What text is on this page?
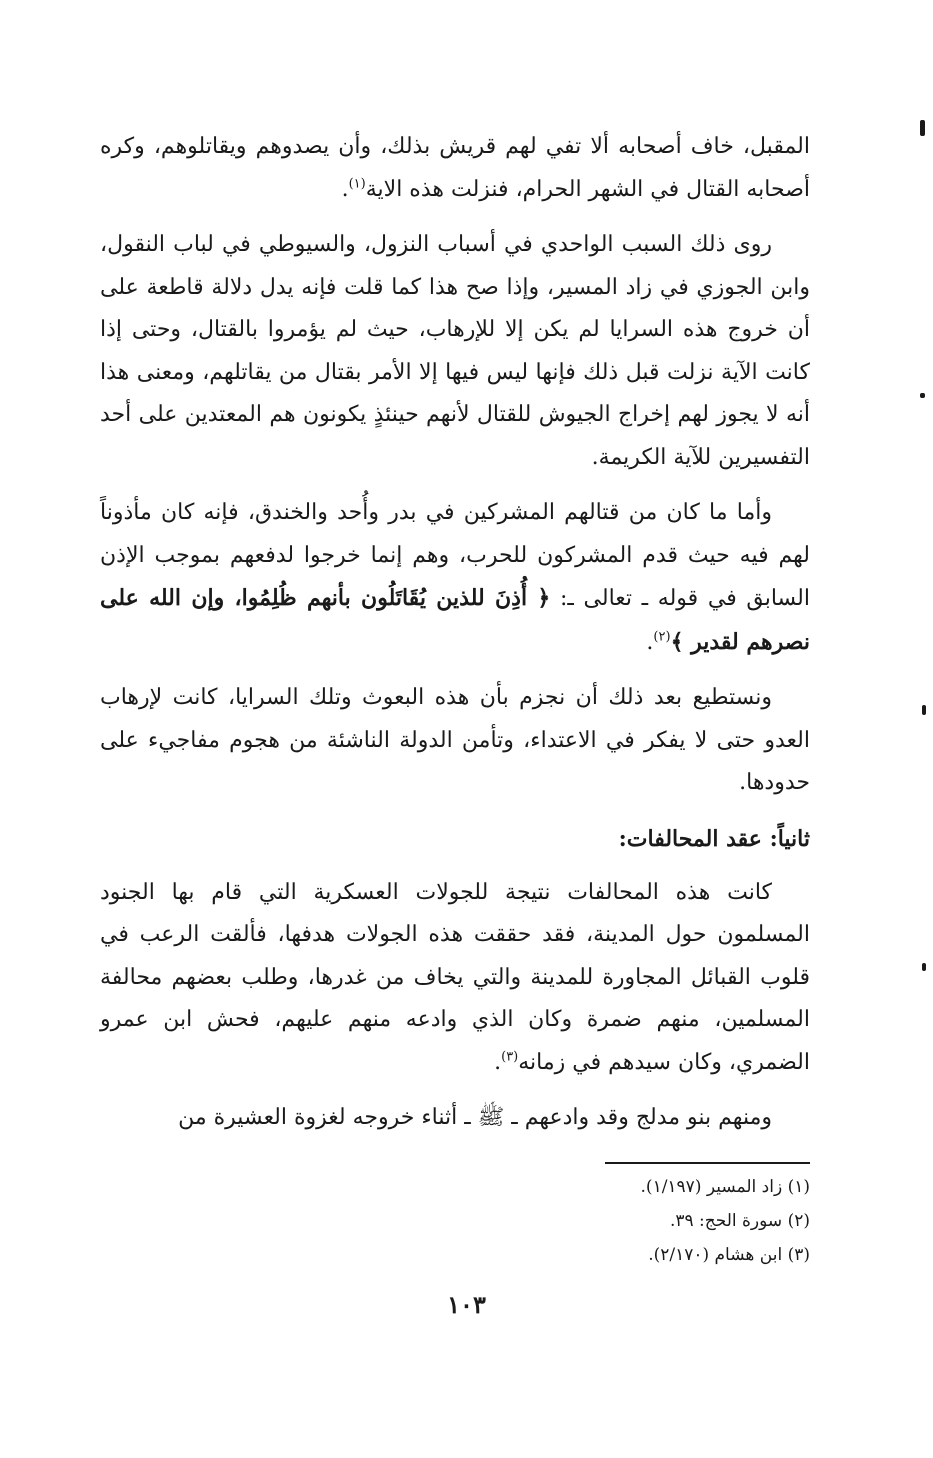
المقبل، خاف أصحابه ألا تفي لهم قريش بذلك، وأن يصدوهم ويقاتلوهم، وكره أصحابه القتال في الشهر الحرام، فنزلت هذه الاية$^{(١)}$.

روى ذلك السبب الواحدي في أسباب النزول، والسيوطي في لباب النقول، وابن الجوزي في زاد المسير، وإذا صح هذا كما قلت فإنه يدل دلالة قاطعة على أن خروج هذه السرايا لم يكن إلا للإرهاب، حيث لم يؤمروا بالقتال، وحتى إذا كانت الآية نزلت قبل ذلك فإنها ليس فيها إلا الأمر بقتال من يقاتلهم، ومعنى هذا أنه لا يجوز لهم إخراج الجيوش للقتال لأنهم حينئذٍ يكونون هم المعتدين على أحد التفسيرين للآية الكريمة.

وأما ما كان من قتالهم المشركين في بدر وأُحد والخندق، فإنه كان مأذوناً لهم فيه حيث قدم المشركون للحرب، وهم إنما خرجوا لدفعهم بموجب الإذن السابق في قوله ـ تعالى ـ: ﴿ أُذِنَ للذين يُقَاتَلُون بأنهم ظُلِمُوا، وإن الله على نصرهم لقدير ﴾$^{(٢)}$.

ونستطيع بعد ذلك أن نجزم بأن هذه البعوث وتلك السرايا، كانت لإرهاب العدو حتى لا يفكر في الاعتداء، وتأمن الدولة الناشئة من هجوم مفاجيء على حدودها.

ثانياً: عقد المحالفات:

كانت هذه المحالفات نتيجة للجولات العسكرية التي قام بها الجنود المسلمون حول المدينة، فقد حققت هذه الجولات هدفها، فألقت الرعب في قلوب القبائل المجاورة للمدينة والتي يخاف من غدرها، وطلب بعضهم محالفة المسلمين، منهم ضمرة وكان الذي وادعه منهم عليهم، فحش ابن عمرو الضمري، وكان سيدهم في زمانه$^{(٣)}$.

ومنهم بنو مدلج وقد وادعهم ـ ﷺ ـ أثناء خروجه لغزوة العشيرة من

(١) زاد المسير (١/١٩٧).
(٢) سورة الحج: ٣٩.
(٣) ابن هشام (٢/١٧٠).
١٠٣
